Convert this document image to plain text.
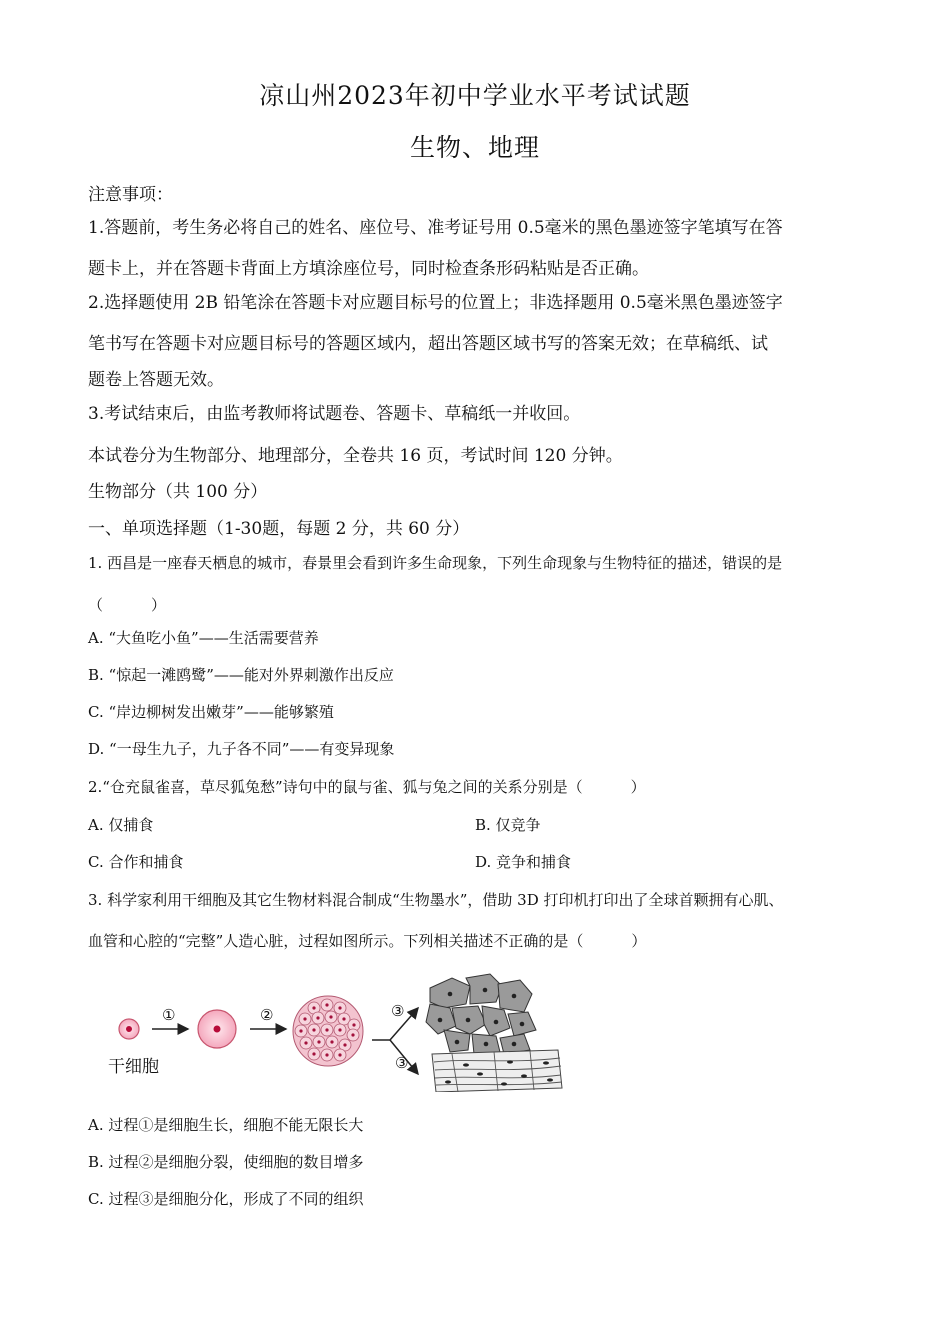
凉山州2023年初中学业水平考试试题
生物、地理
注意事项：
1.答题前，考生务必将自己的姓名、座位号、准考证号用 0.5毫米的黑色墨迹签字笔填写在答
题卡上，并在答题卡背面上方填涂座位号，同时检查条形码粘贴是否正确。
2.选择题使用 2B 铅笔涂在答题卡对应题目标号的位置上；非选择题用 0.5毫米黑色墨迹签字
笔书写在答题卡对应题目标号的答题区域内，超出答题区域书写的答案无效；在草稿纸、试
题卷上答题无效。
3.考试结束后，由监考教师将试题卷、答题卡、草稿纸一并收回。
本试卷分为生物部分、地理部分，全卷共 16 页，考试时间 120 分钟。
生物部分（共 100 分）
一、单项选择题（1-30题，每题 2 分，共 60 分）
1. 西昌是一座春天栖息的城市，春景里会看到许多生命现象，下列生命现象与生物特征的描述，错误的是
（	）
A. “大鱼吃小鱼”——生活需要营养
B. “惊起一滩鸥鹭”——能对外界刺激作出反应
C. “岸边柳树发出嫩芽”——能够繁殖
D. “一母生九子，九子各不同”——有变异现象
2.“仓充鼠雀喜，草尽狐兔愁”诗句中的鼠与雀、狐与兔之间的关系分别是（	）
A. 仅捕食	B. 仅竞争
C. 合作和捕食	D. 竞争和捕食
3. 科学家利用干细胞及其它生物材料混合制成“生物墨水”，借助 3D 打印机打印出了全球首颗拥有心肌、
血管和心腔的“完整”人造心脏，过程如图所示。下列相关描述不正确的是（	）
干细胞
①	②	③
③
A. 过程①是细胞生长，细胞不能无限长大
B. 过程②是细胞分裂，使细胞的数目增多
C. 过程③是细胞分化，形成了不同的组织
